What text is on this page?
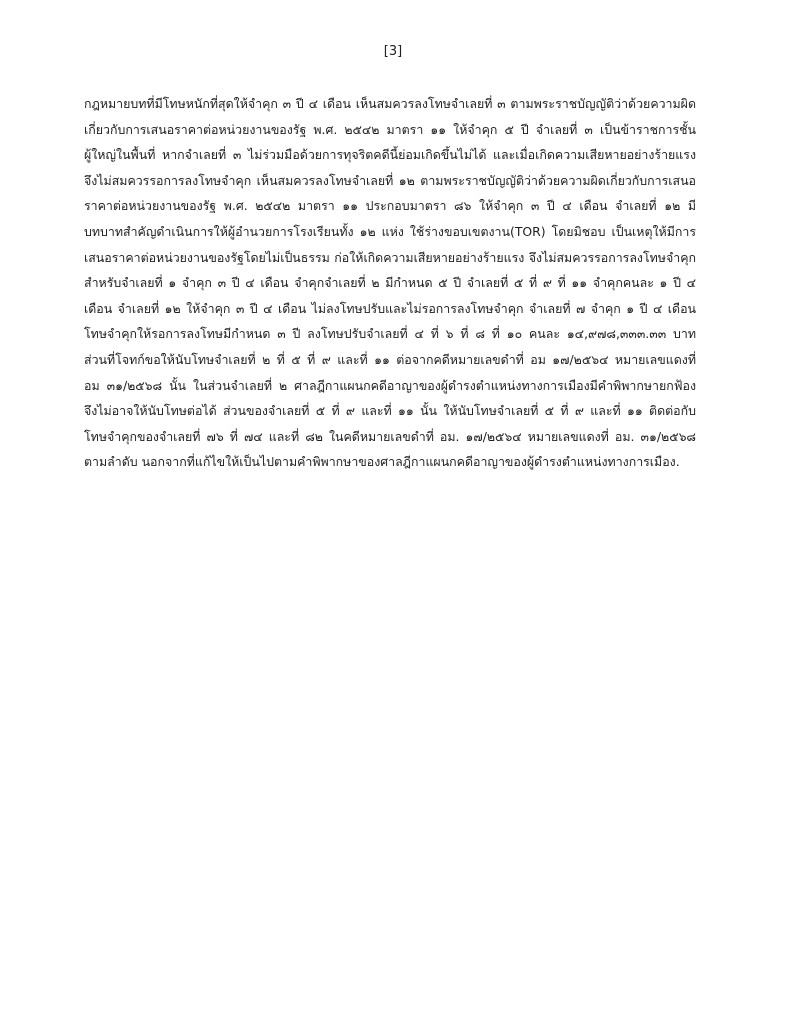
[3]
กฎหมายบทที่มีโทษหนักที่สุดให้จำคุก ๓ ปี ๔ เดือน เห็นสมควรลงโทษจำเลยที่ ๓ ตามพระราชบัญญัติว่าด้วยความผิด
เกี่ยวกับการเสนอราคาต่อหน่วยงานของรัฐ พ.ศ. ๒๕๔๒ มาตรา ๑๑ ให้จำคุก ๕ ปี จำเลยที่ ๓ เป็นข้าราชการชั้น
ผู้ใหญ่ในพื้นที่ หากจำเลยที่ ๓ ไม่ร่วมมือด้วยการทุจริตคดีนี้ย่อมเกิดขึ้นไม่ได้ และเมื่อเกิดความเสียหายอย่างร้ายแรง
จึงไม่สมควรรอการลงโทษจำคุก เห็นสมควรลงโทษจำเลยที่ ๑๒ ตามพระราชบัญญัติว่าด้วยความผิดเกี่ยวกับการเสนอ
ราคาต่อหน่วยงานของรัฐ พ.ศ. ๒๕๔๒ มาตรา ๑๑ ประกอบมาตรา ๘๖ ให้จำคุก ๓ ปี ๔ เดือน จำเลยที่ ๑๒ มี
บทบาทสำคัญดำเนินการให้ผู้อำนวยการโรงเรียนทั้ง ๑๒ แห่ง ใช้ร่างขอบเขตงาน(TOR) โดยมิชอบ เป็นเหตุให้มีการ
เสนอราคาต่อหน่วยงานของรัฐโดยไม่เป็นธรรม ก่อให้เกิดความเสียหายอย่างร้ายแรง จึงไม่สมควรรอการลงโทษจำคุก
สำหรับจำเลยที่ ๑ จำคุก ๓ ปี ๔ เดือน จำคุกจำเลยที่ ๒ มีกำหนด ๕ ปี จำเลยที่ ๕ ที่ ๙ ที่ ๑๑ จำคุกคนละ ๑ ปี ๔
เดือน จำเลยที่ ๑๒ ให้จำคุก ๓ ปี ๔ เดือน ไม่ลงโทษปรับและไม่รอการลงโทษจำคุก จำเลยที่ ๗ จำคุก ๑ ปี ๔ เดือน
โทษจำคุกให้รอการลงโทษมีกำหนด ๓ ปี ลงโทษปรับจำเลยที่ ๔ ที่ ๖ ที่ ๘ ที่ ๑๐ คนละ ๑๔,๙๗๘,๓๓๓.๓๓ บาท
ส่วนที่โจทก์ขอให้นับโทษจำเลยที่ ๒ ที่ ๕ ที่ ๙ และที่ ๑๑ ต่อจากคดีหมายเลขดำที่ อม ๑๗/๒๕๖๔ หมายเลขแดงที่
อม ๓๑/๒๕๖๘ นั้น ในส่วนจำเลยที่ ๒ ศาลฎีกาแผนกคดีอาญาของผู้ดำรงตำแหน่งทางการเมืองมีคำพิพากษายกฟ้อง
จึงไม่อาจให้นับโทษต่อได้ ส่วนของจำเลยที่ ๕ ที่ ๙ และที่ ๑๑ นั้น ให้นับโทษจำเลยที่ ๕ ที่ ๙ และที่ ๑๑ ติดต่อกับ
โทษจำคุกของจำเลยที่ ๗๖ ที่ ๗๔ และที่ ๘๒ ในคดีหมายเลขดำที่ อม. ๑๗/๒๕๖๔ หมายเลขแดงที่ อม. ๓๑/๒๕๖๘
ตามลำดับ นอกจากที่แก้ไขให้เป็นไปตามคำพิพากษาของศาลฎีกาแผนกคดีอาญาของผู้ดำรงตำแหน่งทางการเมือง.
